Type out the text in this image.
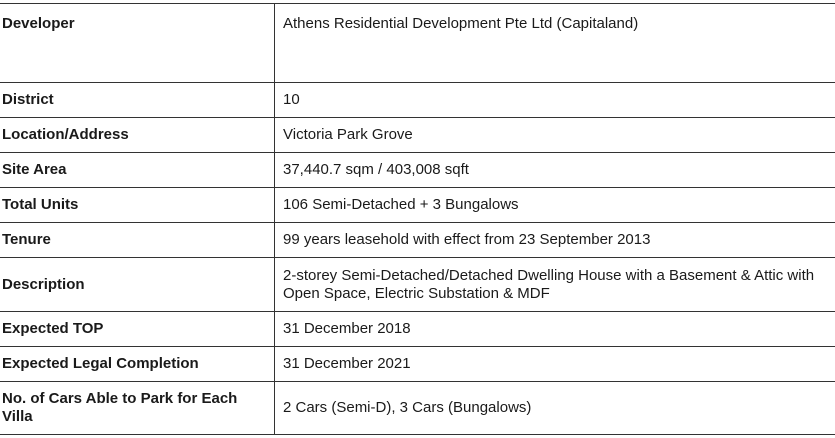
Developer	Athens Residential Development Pte Ltd (Capitaland)
District	10
Location/Address	Victoria Park Grove
Site Area	37,440.7 sqm / 403,008 sqft
Total Units	106 Semi-Detached + 3 Bungalows
Tenure	99 years leasehold with effect from 23 September 2013
Description	2-storey Semi-Detached/Detached Dwelling House with a Basement & Attic with Open Space, Electric Substation & MDF
Expected TOP	31 December 2018
Expected Legal Completion	31 December 2021
No. of Cars Able to Park for Each Villa	2 Cars (Semi-D), 3 Cars (Bungalows)
